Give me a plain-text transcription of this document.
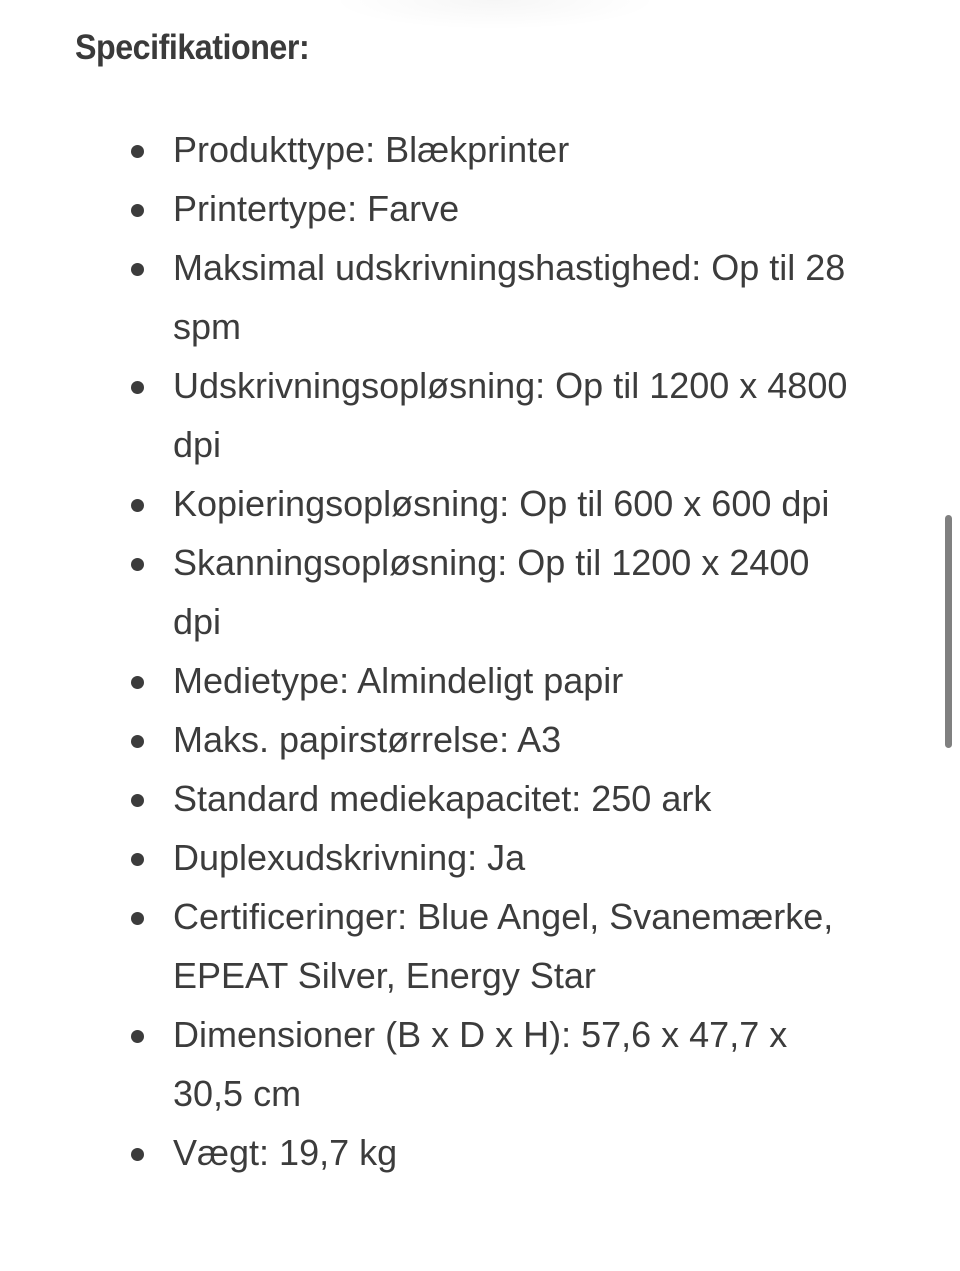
Specifikationer:
Produkttype: Blækprinter
Printertype: Farve
Maksimal udskrivningshastighed: Op til 28 spm
Udskrivningsopløsning: Op til 1200 x 4800 dpi
Kopieringsopløsning: Op til 600 x 600 dpi
Skanningsopløsning: Op til 1200 x 2400 dpi
Medietype: Almindeligt papir
Maks. papirstørrelse: A3
Standard mediekapacitet: 250 ark
Duplexudskrivning: Ja
Certificeringer: Blue Angel, Svanemærke, EPEAT Silver, Energy Star
Dimensioner (B x D x H): 57,6 x 47,7 x 30,5 cm
Vægt: 19,7 kg
